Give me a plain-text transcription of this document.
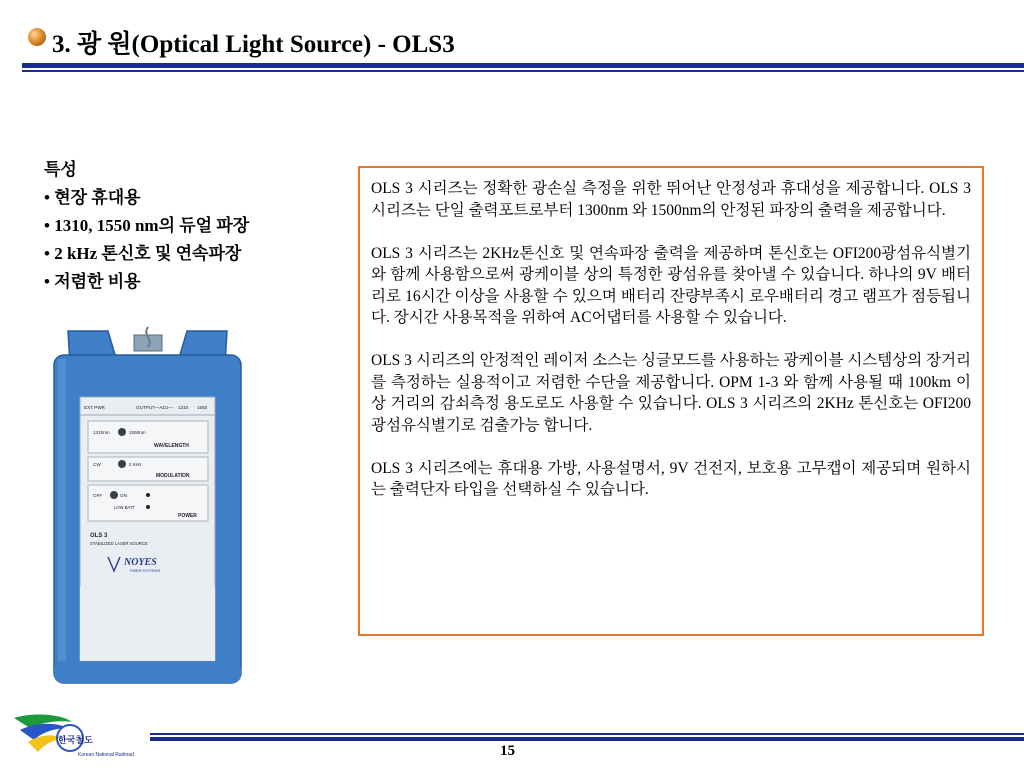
3. 광 원(Optical Light Source) - OLS3
특성
• 현장 휴대용
• 1310, 1550 nm의 듀얼 파장
• 2 kHz 톤신호 및 연속파장
• 저렴한 비용
EXT PWR	OUTPUT—ADJ— 1310 1550
1310nm	1550nm
WAVELENGTH
CW	2 KHz
MODULATION
OFF	ON
LOW BATT
POWER
OLS 3
STABILIZED LASER SOURCE
NOYES
FIBER SYSTEMS

OLS 3 시리즈는 정확한 광손실 측정을 위한 뛰어난 안정성과 휴대성을 제공합니다. OLS 3 시리즈는 단일 출력포트로부터 1300nm 와 1500nm의 안정된 파장의 출력을 제공합니다.

OLS 3 시리즈는 2KHz톤신호 및 연속파장 출력을 제공하며 톤신호는 OFI200광섬유식별기와 함께 사용함으로써 광케이블 상의 특정한 광섬유를 찾아낼 수 있습니다. 하나의 9V 배터리로 16시간 이상을 사용할 수 있으며 배터리 잔량부족시 로우배터리 경고 램프가 점등됩니다. 장시간 사용목적을 위하여 AC어댑터를 사용할 수 있습니다.

OLS 3 시리즈의 안정적인 레이저 소스는 싱글모드를 사용하는 광케이블 시스템상의 장거리를 측정하는 실용적이고 저렴한 수단을 제공합니다. OPM 1-3 와 함께 사용될 때 100km 이상 거리의 감쇠측정 용도로도 사용할 수 있습니다. OLS 3 시리즈의 2KHz 톤신호는 OFI200 광섬유식별기로 검출가능 합니다.

OLS 3 시리즈에는 휴대용 가방, 사용설명서, 9V 건전지, 보호용 고무캡이 제공되며 원하시는 출력단자 타입을 선택하실 수 있습니다.

한국철도
Korean National Railroad	15
